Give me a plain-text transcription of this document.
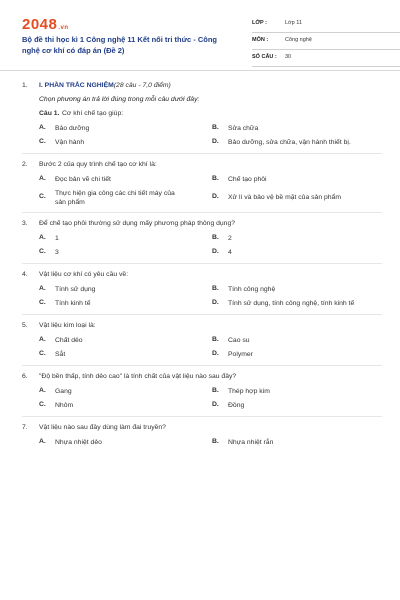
2048.vn
Bộ đề thi học kì 1 Công nghệ 11 Kết nối tri thức - Công nghệ cơ khí có đáp án (Đề 2)
LỚP :	Lớp 11
MÔN :	Công nghệ
SỐ CÂU : 30
1. I. PHẦN TRẮC NGHIỆM(28 câu - 7,0 điểm)
Chọn phương án trả lời đúng trong mỗi câu dưới đây:
Câu 1. Cơ khí chế tạo giúp:
A. Bảo dưỡng	B. Sửa chữa
C. Vận hành	D. Bảo dưỡng, sửa chữa, vận hành thiết bị.
2. Bước 2 của quy trình chế tạo cơ khí là:
A. Đọc bản vẽ chi tiết	B. Chế tạo phôi
C. Thực hiện gia công các chi tiết máy của sản phẩm
D. Xử lí và bảo vệ bề mặt của sản phẩm
3. Để chế tạo phôi thường sử dụng mấy phương pháp thông dụng?
A. 1	B. 2
C. 3	D. 4
4. Vật liệu cơ khí có yêu cầu về:
A. Tính sử dụng	B. Tính công nghệ
C. Tính kinh tế	D. Tính sử dụng, tính công nghệ, tính kinh tế
5. Vật liệu kim loại là:
A. Chất dẻo	B. Cao su
C. Sắt	D. Polymer
6. "Độ bền thấp, tính dẻo cao" là tính chất của vật liệu nào sau đây?
A. Gang	B. Thép hợp kim
C. Nhôm	D. Đồng
7. Vật liệu nào sau đây dùng làm đai truyền?
A. Nhựa nhiệt dẻo	B. Nhựa nhiệt rắn
